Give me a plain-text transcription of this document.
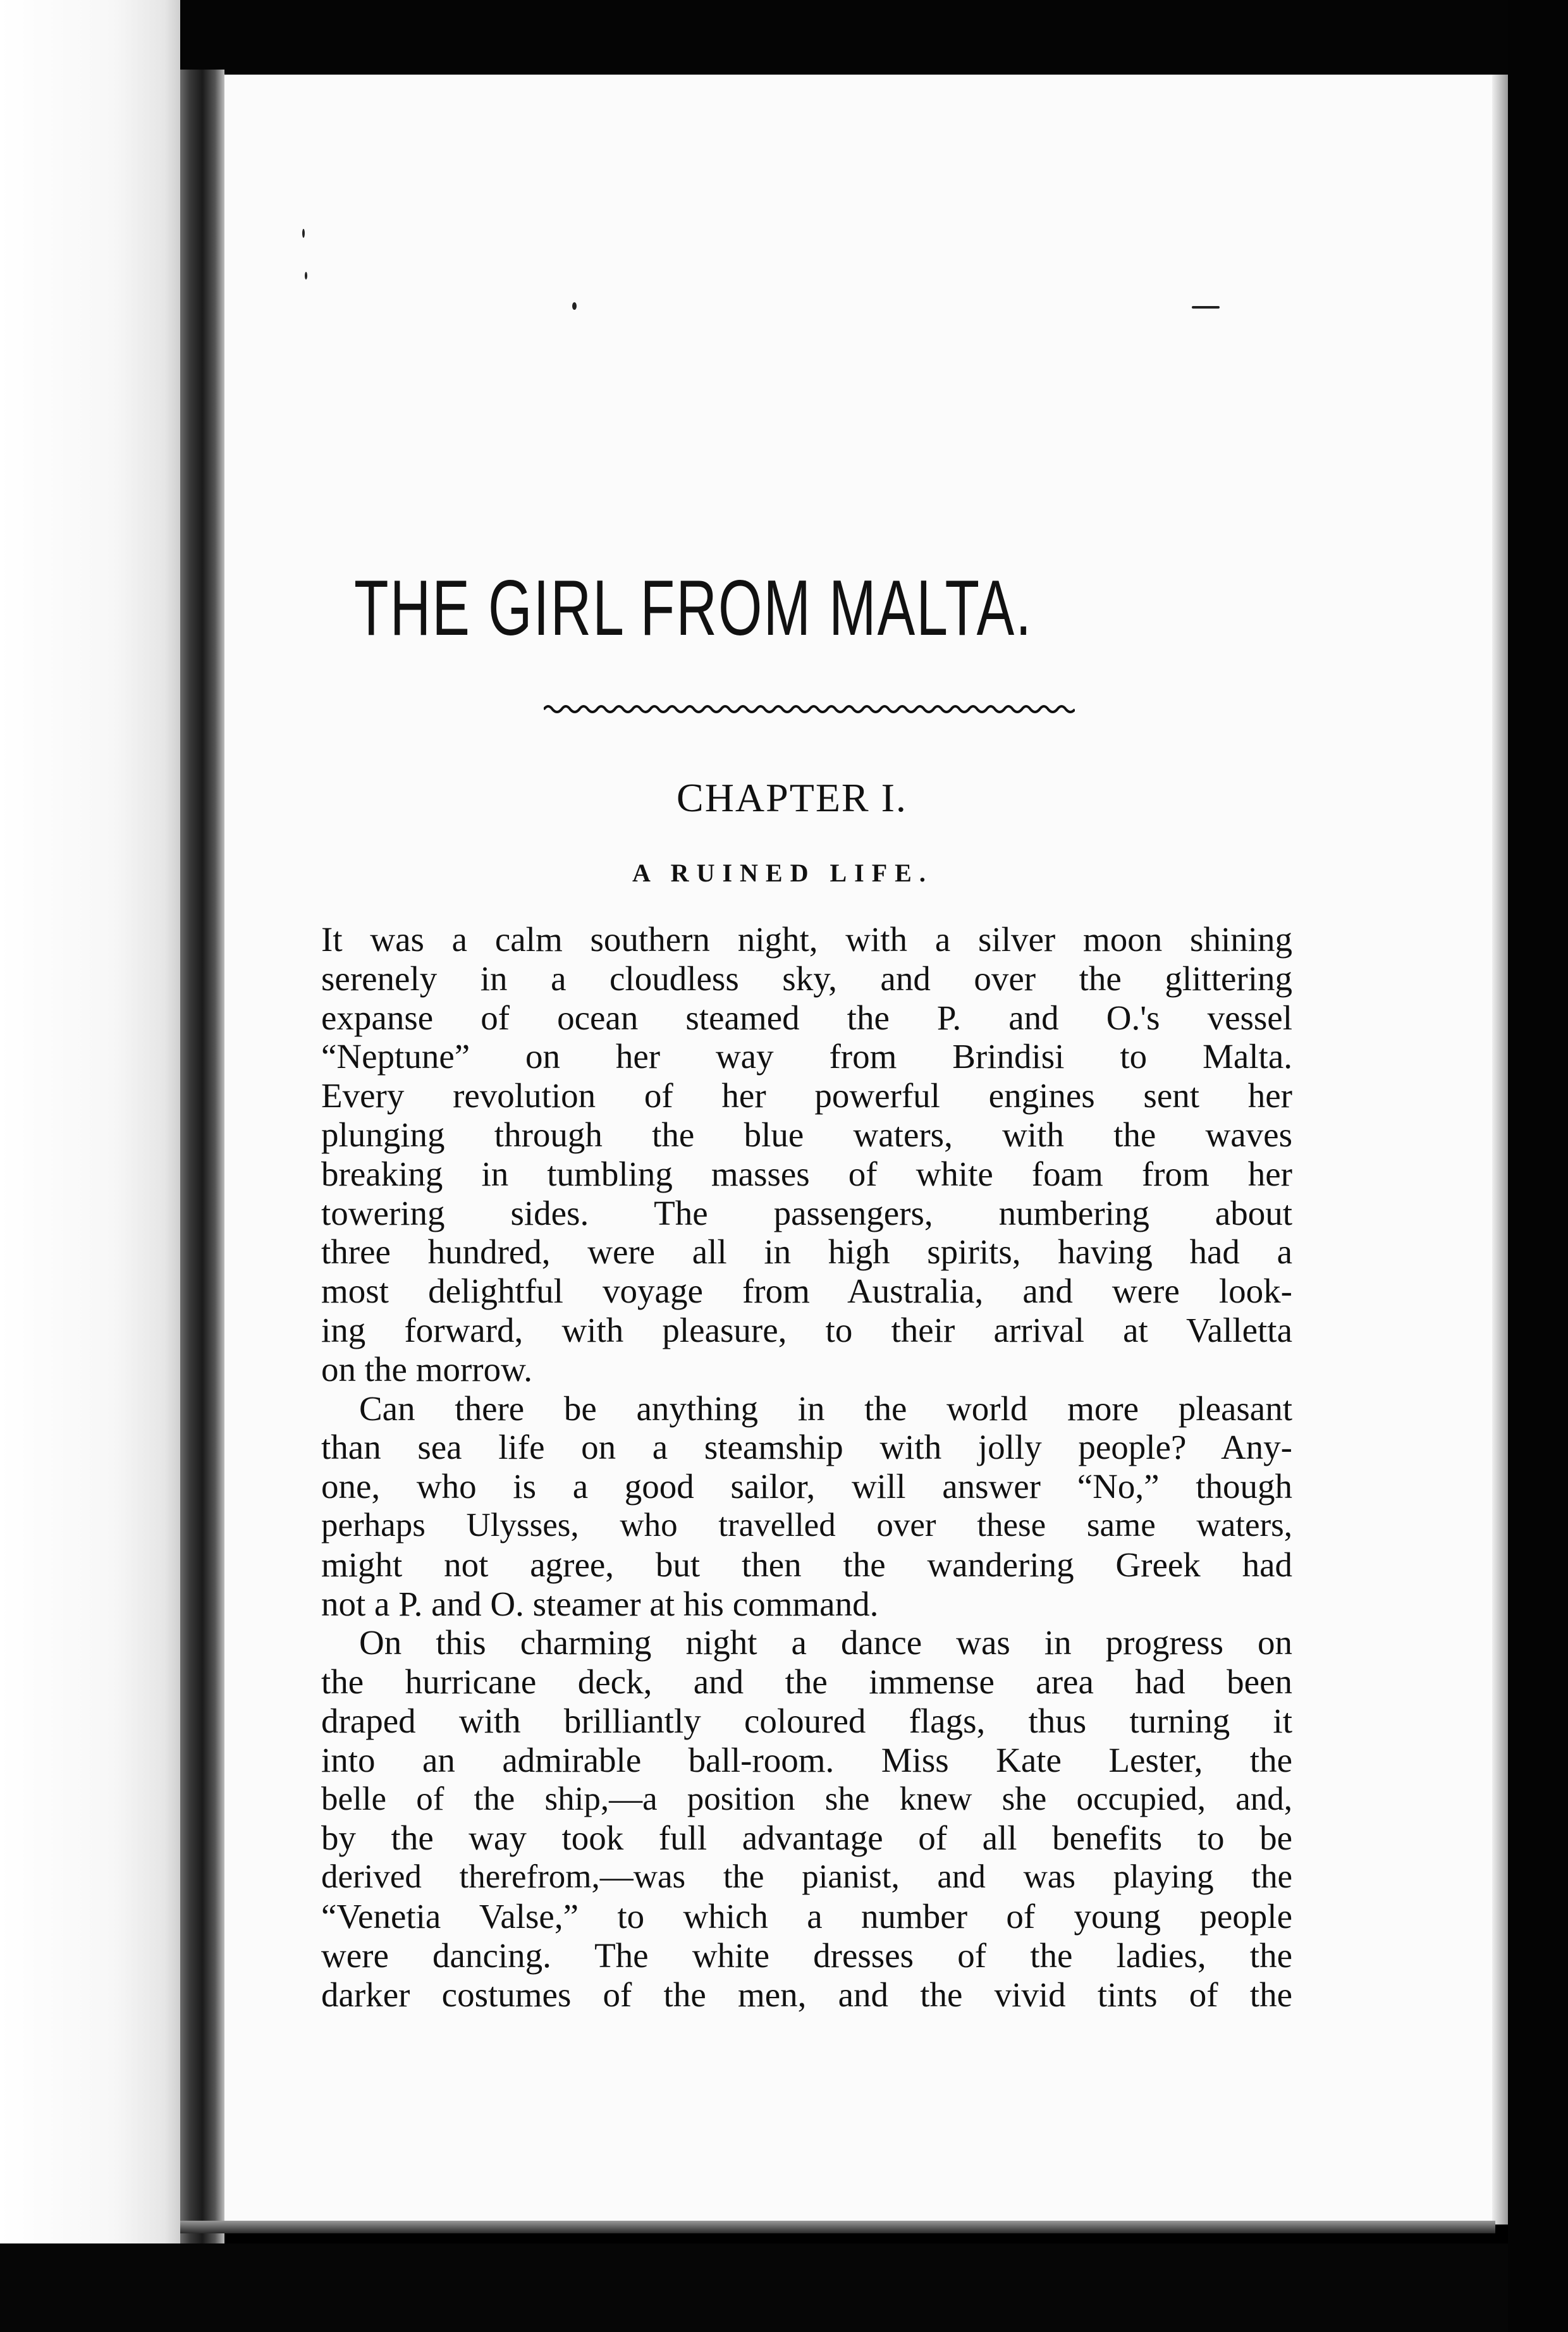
THE GIRL FROM MALTA.
CHAPTER I.
A RUINED LIFE.
It was a calm southern night, with a silver moon shining
serenely in a cloudless sky, and over the glittering
expanse of ocean steamed the P. and O.'s vessel
“Neptune” on her way from Brindisi to Malta.
Every revolution of her powerful engines sent her
plunging through the blue waters, with the waves
breaking in tumbling masses of white foam from her
towering sides. The passengers, numbering about
three hundred, were all in high spirits, having had a
most delightful voyage from Australia, and were look-
ing forward, with pleasure, to their arrival at Valletta
on the morrow.
Can there be anything in the world more pleasant
than sea life on a steamship with jolly people? Any-
one, who is a good sailor, will answer “No,” though
perhaps Ulysses, who travelled over these same waters,
might not agree, but then the wandering Greek had
not a P. and O. steamer at his command.
On this charming night a dance was in progress on
the hurricane deck, and the immense area had been
draped with brilliantly coloured flags, thus turning it
into an admirable ball-room. Miss Kate Lester, the
belle of the ship,—a position she knew she occupied, and,
by the way took full advantage of all benefits to be
derived therefrom,—was the pianist, and was playing the
“Venetia Valse,” to which a number of young people
were dancing. The white dresses of the ladies, the
darker costumes of the men, and the vivid tints of the
